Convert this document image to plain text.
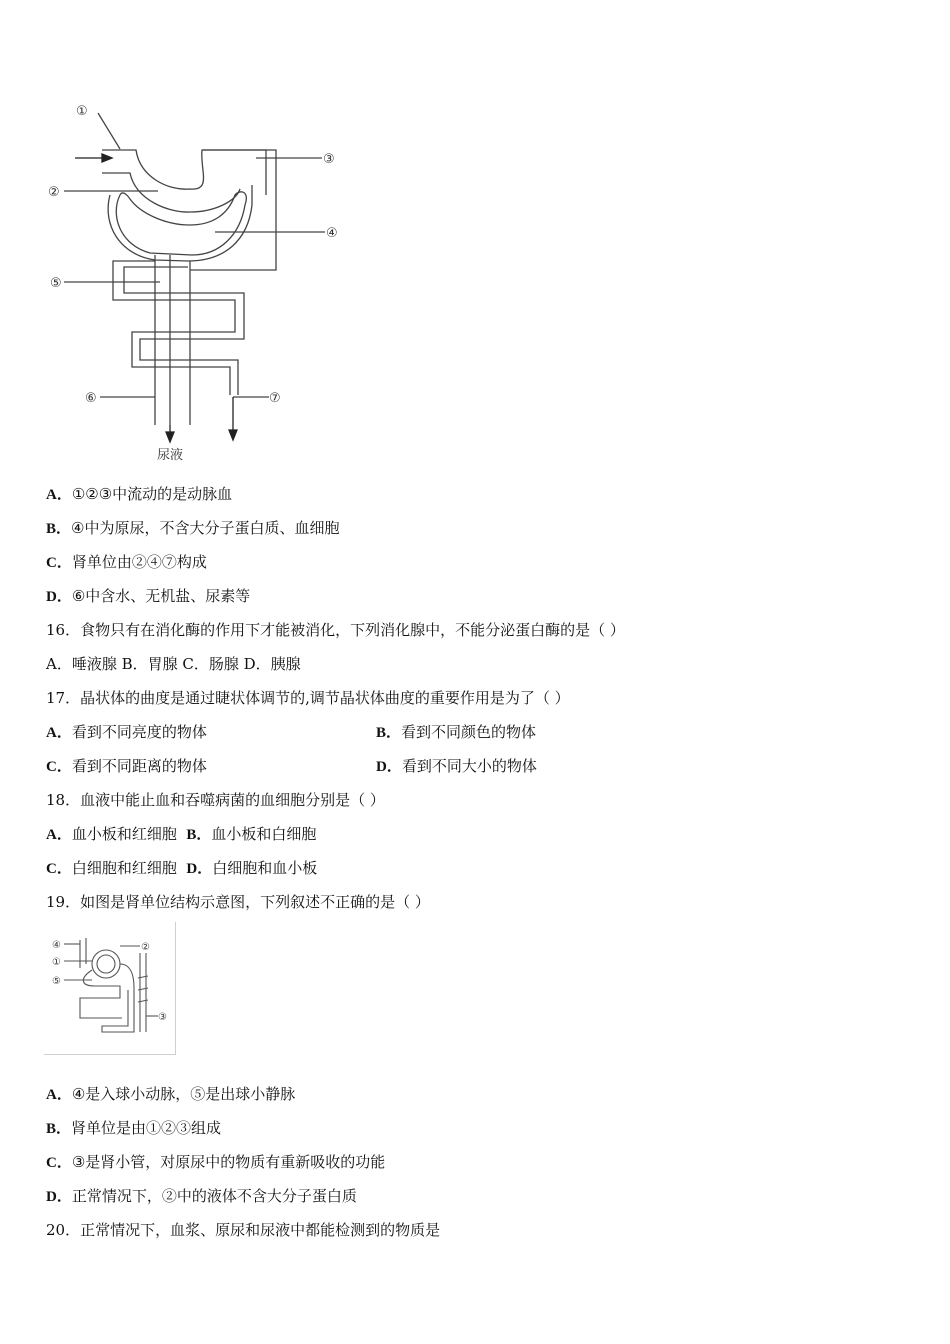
①
②
③
④
⑤
⑥	⑦
尿液
A．①②③中流动的是动脉血
B．④中为原尿，不含大分子蛋白质、血细胞
C．肾单位由②④⑦构成
D．⑥中含水、无机盐、尿素等
16．食物只有在消化酶的作用下才能被消化，下列消化腺中，不能分泌蛋白酶的是（ ）
A．唾液腺 B．胃腺 C．肠腺 D．胰腺
17．晶状体的曲度是通过睫状体调节的,调节晶状体曲度的重要作用是为了（ ）
A．看到不同亮度的物体	B．看到不同颜色的物体
C．看到不同距离的物体	D．看到不同大小的物体
18．血液中能止血和吞噬病菌的血细胞分别是（ ）
A．血小板和红细胞 B．血小板和白细胞
C．白细胞和红细胞 D．白细胞和血小板
19．如图是肾单位结构示意图，下列叙述不正确的是（ ）
④
①
⑤
②
③
A．④是入球小动脉，⑤是出球小静脉
B．肾单位是由①②③组成
C．③是肾小管，对原尿中的物质有重新吸收的功能
D．正常情况下，②中的液体不含大分子蛋白质
20．正常情况下，血浆、原尿和尿液中都能检测到的物质是
